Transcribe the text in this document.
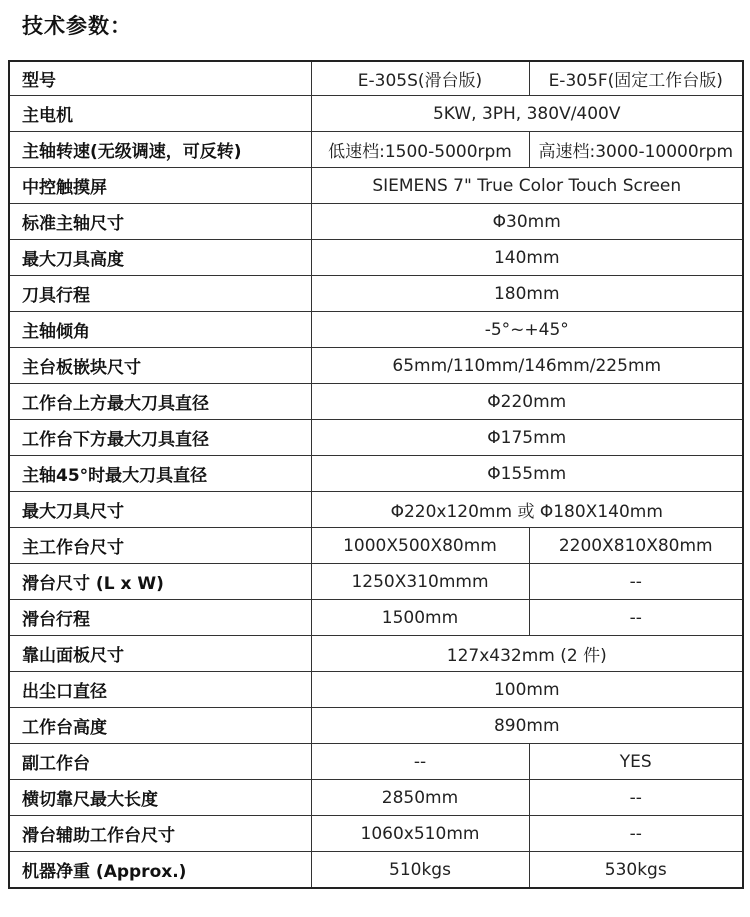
技术参数：
型号	E-305S(滑台版)	E-305F(固定工作台版)
主电机	5KW, 3PH, 380V/400V	
主轴转速(无级调速，可反转)	低速档:1500-5000rpm	高速档:3000-10000rpm
中控触摸屏	SIEMENS 7" True Color Touch Screen	
标准主轴尺寸	Φ30mm	
最大刀具高度	140mm	
刀具行程	180mm	
主轴倾角	-5°~+45°	
主台板嵌块尺寸	65mm/110mm/146mm/225mm	
工作台上方最大刀具直径	Φ220mm	
工作台下方最大刀具直径	Φ175mm	
主轴45°时最大刀具直径	Φ155mm	
最大刀具尺寸	Φ220x120mm 或 Φ180X140mm	
主工作台尺寸	1000X500X80mm	2200X810X80mm
滑台尺寸 (L x W)	1250X310mmm	--
滑台行程	1500mm	--
靠山面板尺寸	127x432mm (2 件)	
出尘口直径	100mm	
工作台高度	890mm	
副工作台	--	YES
横切靠尺最大长度	2850mm	--
滑台辅助工作台尺寸	1060x510mm	--
机器净重 (Approx.)	510kgs	530kgs
